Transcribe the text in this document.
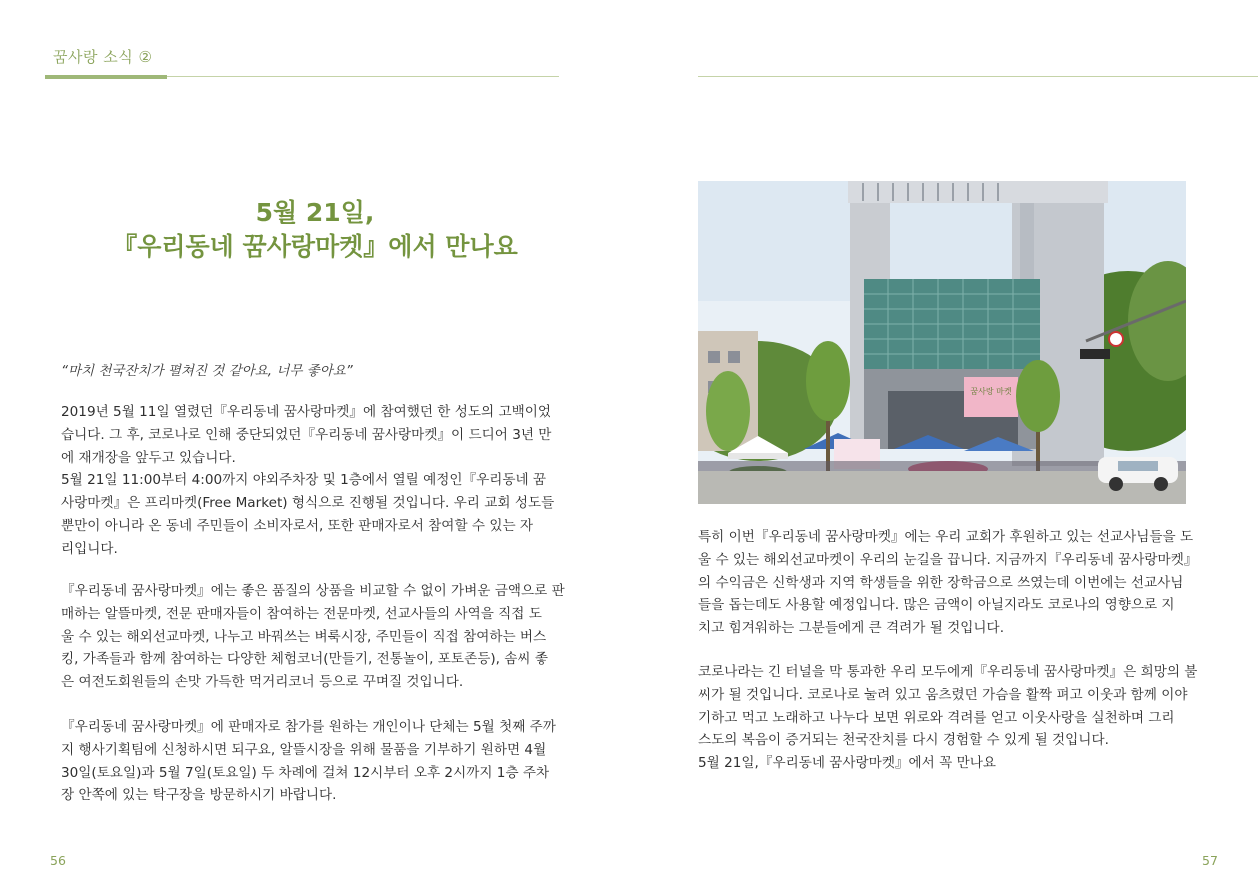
꿈사랑 소식 ②
5월 21일,
『우리동네 꿈사랑마켓』에서 만나요
“마치 천국잔치가 펼쳐진 것 같아요, 너무 좋아요”
2019년 5월 11일 열렸던『우리동네 꿈사랑마켓』에 참여했던 한 성도의 고백이었
습니다. 그 후, 코로나로 인해 중단되었던『우리동네 꿈사랑마켓』이 드디어 3년 만
에 재개장을 앞두고 있습니다.
5월 21일 11:00부터 4:00까지 야외주차장 및 1층에서 열릴 예정인『우리동네 꿈
사랑마켓』은 프리마켓(Free Market) 형식으로 진행될 것입니다. 우리 교회 성도들
뿐만이 아니라 온 동네 주민들이 소비자로서, 또한 판매자로서 참여할 수 있는 자
리입니다.
『우리동네 꿈사랑마켓』에는 좋은 품질의 상품을 비교할 수 없이 가벼운 금액으로 판
매하는 알뜰마켓, 전문 판매자들이 참여하는 전문마켓, 선교사들의 사역을 직접 도
울 수 있는 해외선교마켓, 나누고 바꿔쓰는 벼룩시장, 주민들이 직접 참여하는 버스
킹, 가족들과 함께 참여하는 다양한 체험코너(만들기, 전통놀이, 포토존등), 솜씨 좋
은 여전도회원들의 손맛 가득한 먹거리코너 등으로 꾸며질 것입니다.
『우리동네 꿈사랑마켓』에 판매자로 참가를 원하는 개인이나 단체는 5월 첫째 주까
지 행사기획팀에 신청하시면 되구요, 알뜰시장을 위해 물품을 기부하기 원하면 4월
30일(토요일)과 5월 7일(토요일) 두 차례에 걸쳐 12시부터 오후 2시까지 1층 주차
장 안쪽에 있는 탁구장을 방문하시기 바랍니다.
꿈사랑 마켓
특히 이번『우리동네 꿈사랑마켓』에는 우리 교회가 후원하고 있는 선교사님들을 도
울 수 있는 해외선교마켓이 우리의 눈길을 끕니다. 지금까지『우리동네 꿈사랑마켓』
의 수익금은 신학생과 지역 학생들을 위한 장학금으로 쓰였는데 이번에는 선교사님
들을 돕는데도 사용할 예정입니다. 많은 금액이 아닐지라도 코로나의 영향으로 지
치고 힘겨워하는 그분들에게 큰 격려가 될 것입니다.
코로나라는 긴 터널을 막 통과한 우리 모두에게『우리동네 꿈사랑마켓』은 희망의 불
씨가 될 것입니다. 코로나로 눌려 있고 움츠렸던 가슴을 활짝 펴고 이웃과 함께 이야
기하고 먹고 노래하고 나누다 보면 위로와 격려를 얻고 이웃사랑을 실천하며 그리
스도의 복음이 증거되는 천국잔치를 다시 경험할 수 있게 될 것입니다.
5월 21일,『우리동네 꿈사랑마켓』에서 꼭 만나요
56	57
